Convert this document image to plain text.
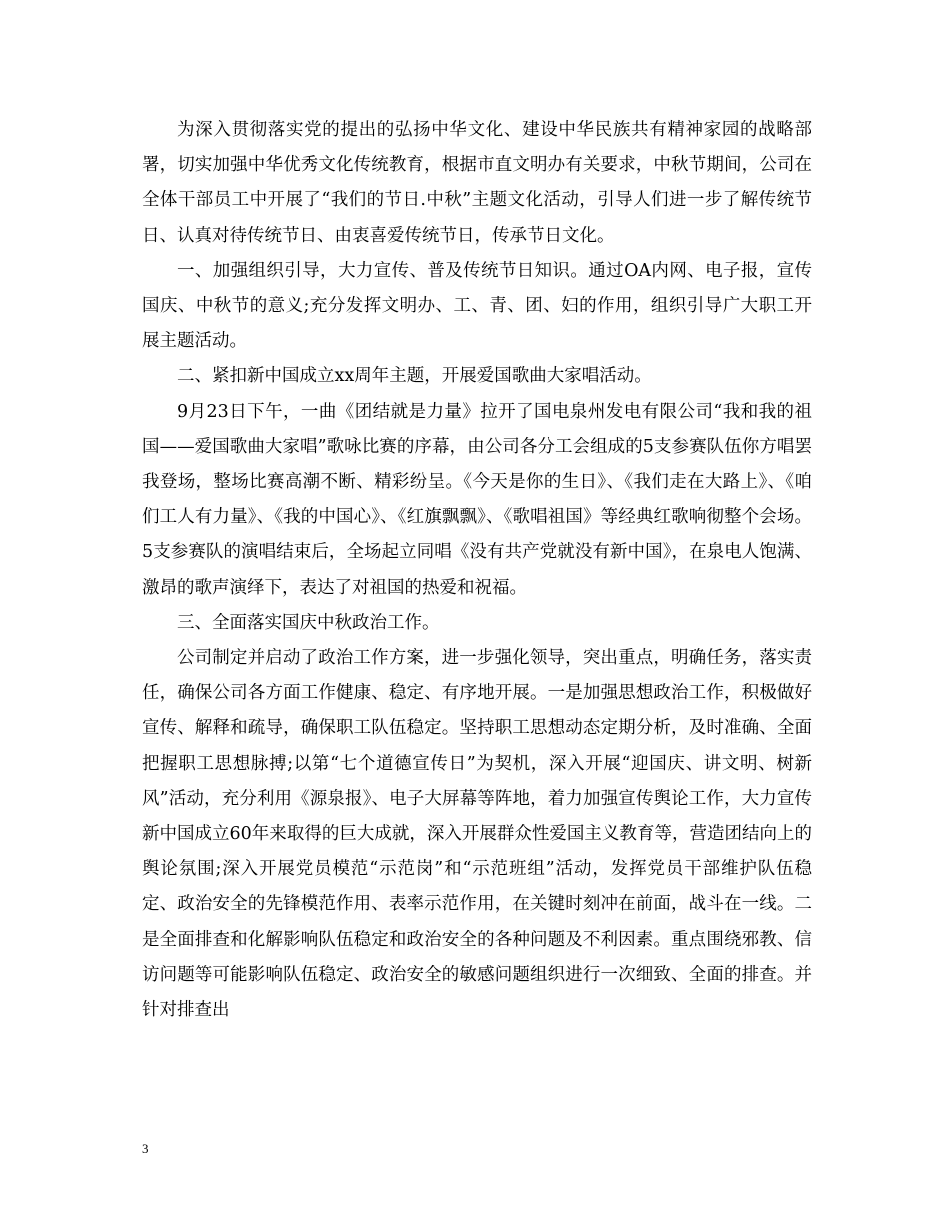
为深入贯彻落实党的提出的弘扬中华文化、建设中华民族共有精神家园的战略部署，切实加强中华优秀文化传统教育，根据市直文明办有关要求，中秋节期间，公司在全体干部员工中开展了“我们的节日.中秋”主题文化活动，引导人们进一步了解传统节日、认真对待传统节日、由衷喜爱传统节日，传承节日文化。

一、加强组织引导，大力宣传、普及传统节日知识。通过OA内网、电子报，宣传国庆、中秋节的意义;充分发挥文明办、工、青、团、妇的作用，组织引导广大职工开展主题活动。

二、紧扣新中国成立xx周年主题，开展爱国歌曲大家唱活动。

9月23日下午，一曲《团结就是力量》拉开了国电泉州发电有限公司“我和我的祖国——爱国歌曲大家唱”歌咏比赛的序幕，由公司各分工会组成的5支参赛队伍你方唱罢我登场，整场比赛高潮不断、精彩纷呈。《今天是你的生日》、《我们走在大路上》、《咱们工人有力量》、《我的中国心》、《红旗飘飘》、《歌唱祖国》等经典红歌响彻整个会场。5支参赛队的演唱结束后，全场起立同唱《没有共产党就没有新中国》，在泉电人饱满、激昂的歌声演绎下，表达了对祖国的热爱和祝福。

三、全面落实国庆中秋政治工作。

公司制定并启动了政治工作方案，进一步强化领导，突出重点，明确任务，落实责任，确保公司各方面工作健康、稳定、有序地开展。一是加强思想政治工作，积极做好宣传、解释和疏导，确保职工队伍稳定。坚持职工思想动态定期分析，及时准确、全面把握职工思想脉搏;以第“七个道德宣传日”为契机，深入开展“迎国庆、讲文明、树新风”活动，充分利用《源泉报》、电子大屏幕等阵地，着力加强宣传舆论工作，大力宣传新中国成立60年来取得的巨大成就，深入开展群众性爱国主义教育等，营造团结向上的舆论氛围;深入开展党员模范“示范岗”和“示范班组”活动，发挥党员干部维护队伍稳定、政治安全的先锋模范作用、表率示范作用，在关键时刻冲在前面，战斗在一线。二是全面排查和化解影响队伍稳定和政治安全的各种问题及不利因素。重点围绕邪教、信访问题等可能影响队伍稳定、政治安全的敏感问题组织进行一次细致、全面的排查。并针对排查出

3
